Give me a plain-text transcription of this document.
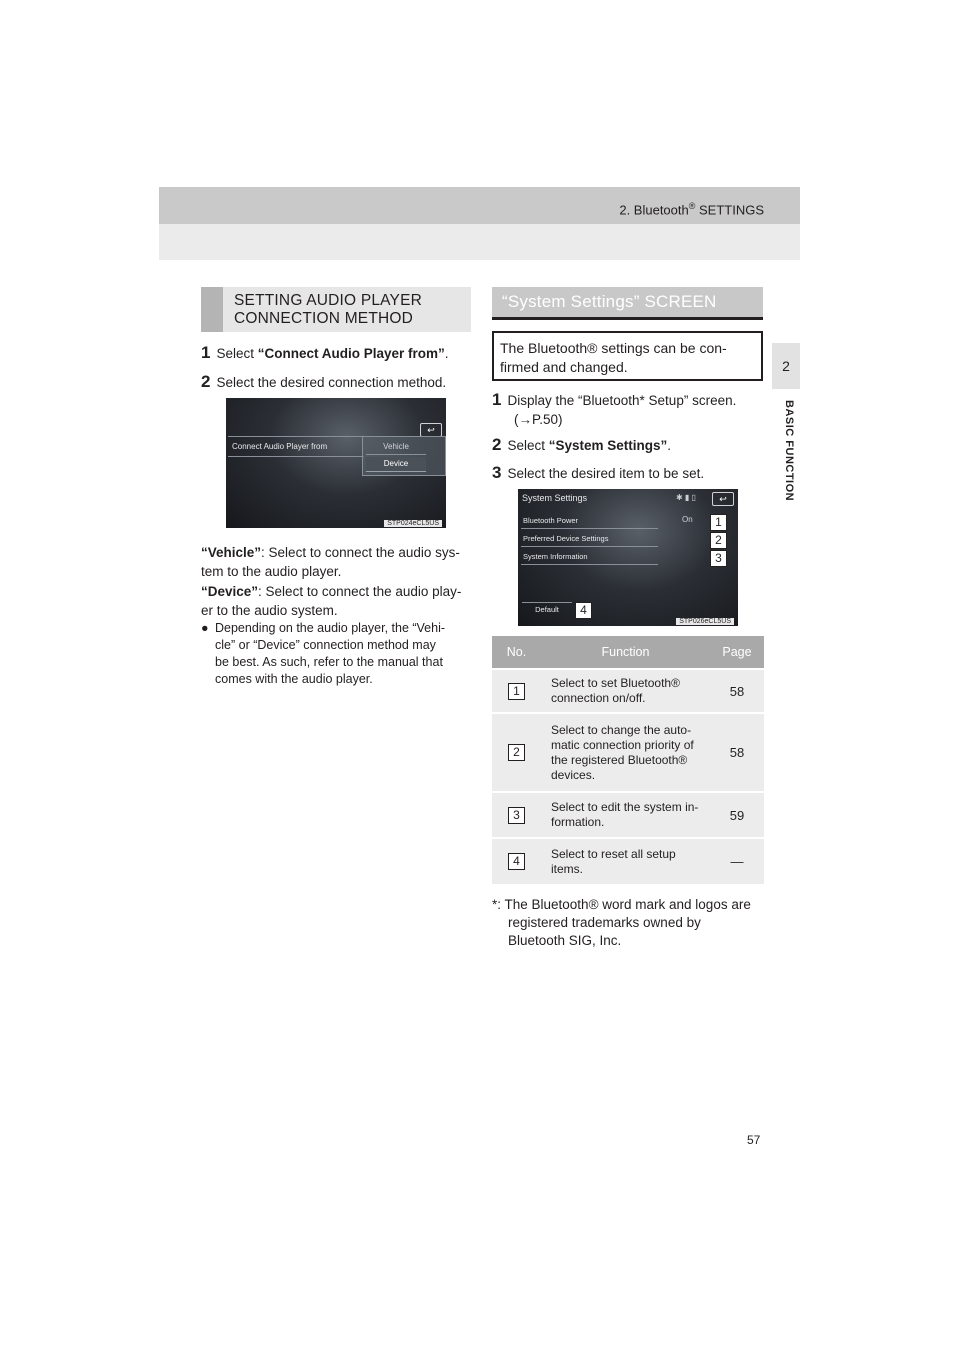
2. Bluetooth® SETTINGS
2
BASIC FUNCTION
SETTING AUDIO PLAYER
CONNECTION METHOD
1 Select “Connect Audio Player from”.
2 Select the desired connection method.
↩
Connect Audio Player from	Vehicle
Device
STP024eCL5US
“Vehicle”: Select to connect the audio sys-
tem to the audio player.
“Device”: Select to connect the audio play-
er to the audio system.
● Depending on the audio player, the “Vehi-
cle” or “Device” connection method may
be best. As such, refer to the manual that
comes with the audio player.
“System Settings” SCREEN
The Bluetooth® settings can be con-
firmed and changed.
1 Display the “Bluetooth* Setup” screen.
(→P.50)
2 Select “System Settings”.
3 Select the desired item to be set.
System Settings	✱ ▮ ▯	↩
Bluetooth Power	On
Preferred Device Settings
System Information
1
2
3
Default	4
STP026eCL5US
No.	Function	Page
1	Select to set Bluetooth®
connection on/off.	58
2	Select to change the auto-
matic connection priority of
the registered Bluetooth®
devices.	58
3	Select to edit the system in-
formation.	59
4	Select to reset all setup
items.	—
*: The Bluetooth® word mark and logos are
registered trademarks owned by
Bluetooth SIG, Inc.
57
